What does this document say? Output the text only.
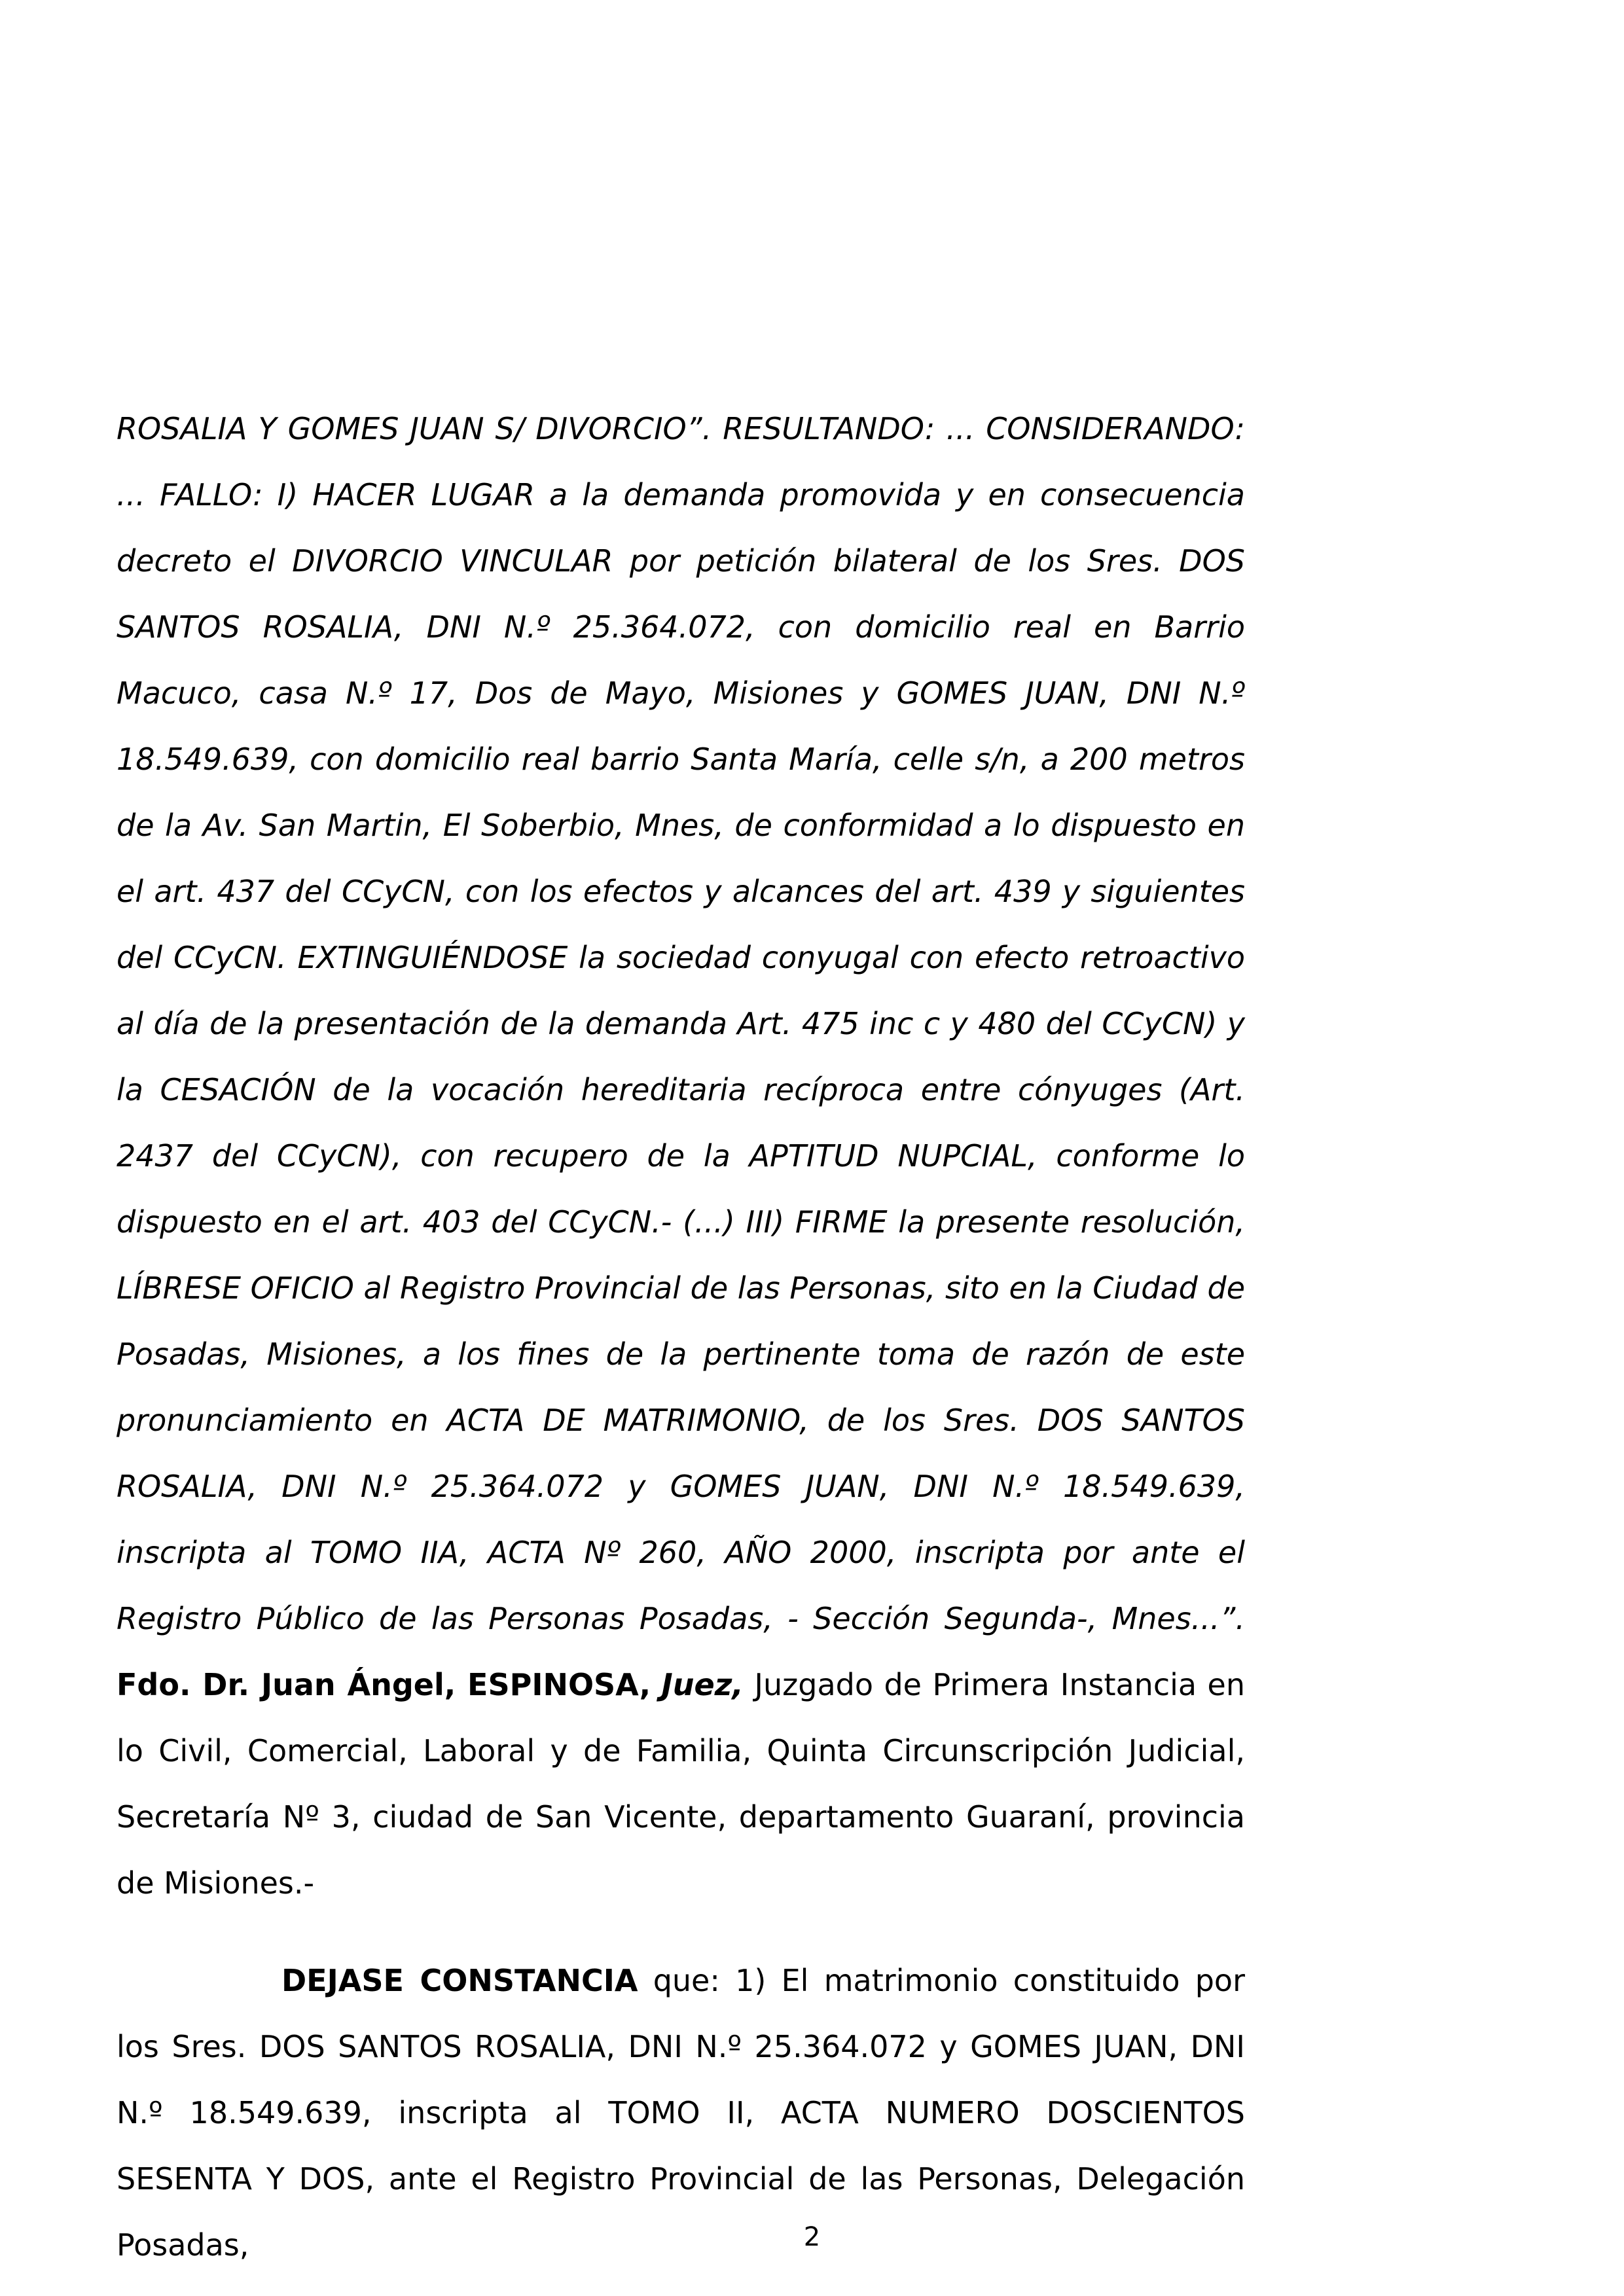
ROSALIA Y GOMES JUAN S/ DIVORCIO”. RESULTANDO: ... CONSIDERANDO: ... FALLO: I) HACER LUGAR a la demanda promovida y en consecuencia decreto el DIVORCIO VINCULAR por petición bilateral de los Sres. DOS SANTOS ROSALIA, DNI N.º 25.364.072, con domicilio real en Barrio Macuco, casa N.º 17, Dos de Mayo, Misiones y GOMES JUAN, DNI N.º 18.549.639, con domicilio real barrio Santa María, celle s/n, a 200 metros de la Av. San Martin, El Soberbio, Mnes, de conformidad a lo dispuesto en el art. 437 del CCyCN, con los efectos y alcances del art. 439 y siguientes del CCyCN. EXTINGUIÉNDOSE la sociedad conyugal con efecto retroactivo al día de la presentación de la demanda Art. 475 inc c y 480 del CCyCN) y la CESACIÓN de la vocación hereditaria recíproca entre cónyuges (Art. 2437 del CCyCN), con recupero de la APTITUD NUPCIAL, conforme lo dispuesto en el art. 403 del CCyCN.- (...) III) FIRME la presente resolución, LÍBRESE OFICIO al Registro Provincial de las Personas, sito en la Ciudad de Posadas, Misiones, a los fines de la pertinente toma de razón de este pronunciamiento en ACTA DE MATRIMONIO, de los Sres. DOS SANTOS ROSALIA, DNI N.º 25.364.072 y GOMES JUAN, DNI N.º 18.549.639, inscripta al TOMO IIA, ACTA Nº 260, AÑO 2000, inscripta por ante el Registro Público de las Personas Posadas, - Sección Segunda-, Mnes...”. Fdo. Dr. Juan Ángel, ESPINOSA, Juez, Juzgado de Primera Instancia en lo Civil, Comercial, Laboral y de Familia, Quinta Circunscripción Judicial, Secretaría Nº 3, ciudad de San Vicente, departamento Guaraní, provincia de Misiones.-

DEJASE CONSTANCIA que: 1) El matrimonio constituido por los Sres. DOS SANTOS ROSALIA, DNI N.º 25.364.072 y GOMES JUAN, DNI N.º 18.549.639, inscripta al TOMO II, ACTA NUMERO DOSCIENTOS SESENTA Y DOS, ante el Registro Provincial de las Personas, Delegación Posadas,	2
